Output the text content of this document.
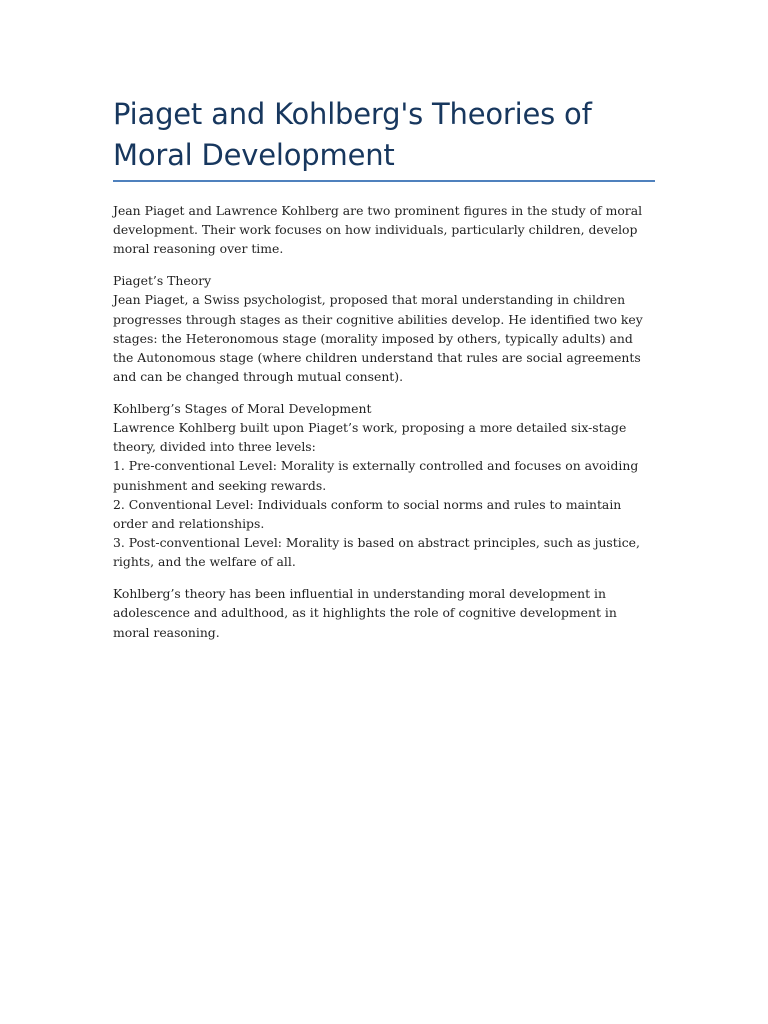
Piaget and Kohlberg's Theories of Moral Development

Jean Piaget and Lawrence Kohlberg are two prominent figures in the study of moral development. Their work focuses on how individuals, particularly children, develop moral reasoning over time.

Piaget’s Theory
Jean Piaget, a Swiss psychologist, proposed that moral understanding in children progresses through stages as their cognitive abilities develop. He identified two key stages: the Heteronomous stage (morality imposed by others, typically adults) and the Autonomous stage (where children understand that rules are social agreements and can be changed through mutual consent).

Kohlberg’s Stages of Moral Development
Lawrence Kohlberg built upon Piaget’s work, proposing a more detailed six-stage theory, divided into three levels:
1. Pre-conventional Level: Morality is externally controlled and focuses on avoiding punishment and seeking rewards.
2. Conventional Level: Individuals conform to social norms and rules to maintain order and relationships.
3. Post-conventional Level: Morality is based on abstract principles, such as justice, rights, and the welfare of all.

Kohlberg’s theory has been influential in understanding moral development in adolescence and adulthood, as it highlights the role of cognitive development in moral reasoning.
